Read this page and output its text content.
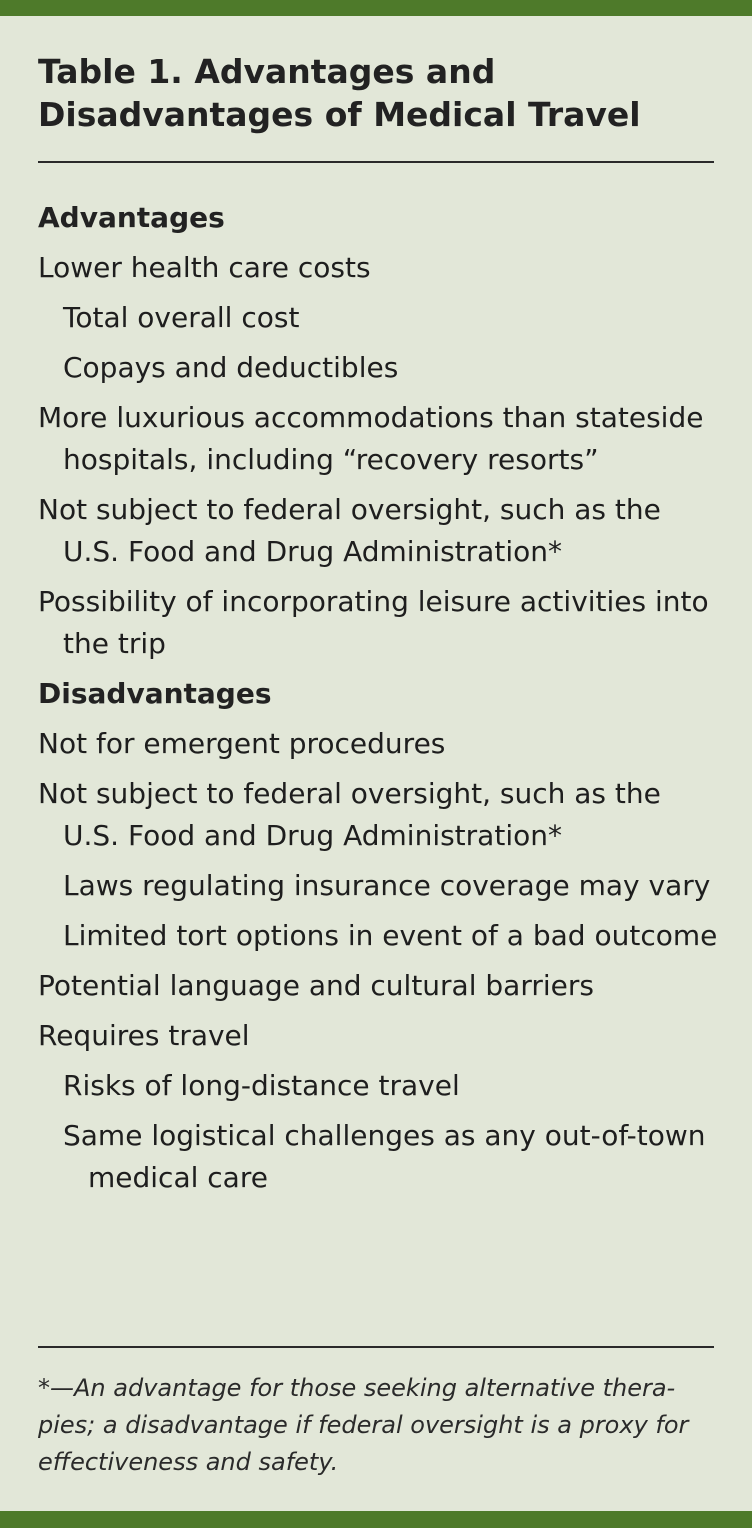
Table 1. Advantages and
Disadvantages of Medical Travel
Advantages
Lower health care costs
Total overall cost
Copays and deductibles
More luxurious accommodations than stateside hospitals, including “recovery resorts”
Not subject to federal oversight, such as the U.S. Food and Drug Administration*
Possibility of incorporating leisure activities into the trip
Disadvantages
Not for emergent procedures
Not subject to federal oversight, such as the U.S. Food and Drug Administration*
Laws regulating insurance coverage may vary
Limited tort options in event of a bad outcome
Potential language and cultural barriers
Requires travel
Risks of long-distance travel
Same logistical challenges as any out-of-town medical care
*—An advantage for those seeking alternative thera-
pies; a disadvantage if federal oversight is a proxy for
effectiveness and safety.
